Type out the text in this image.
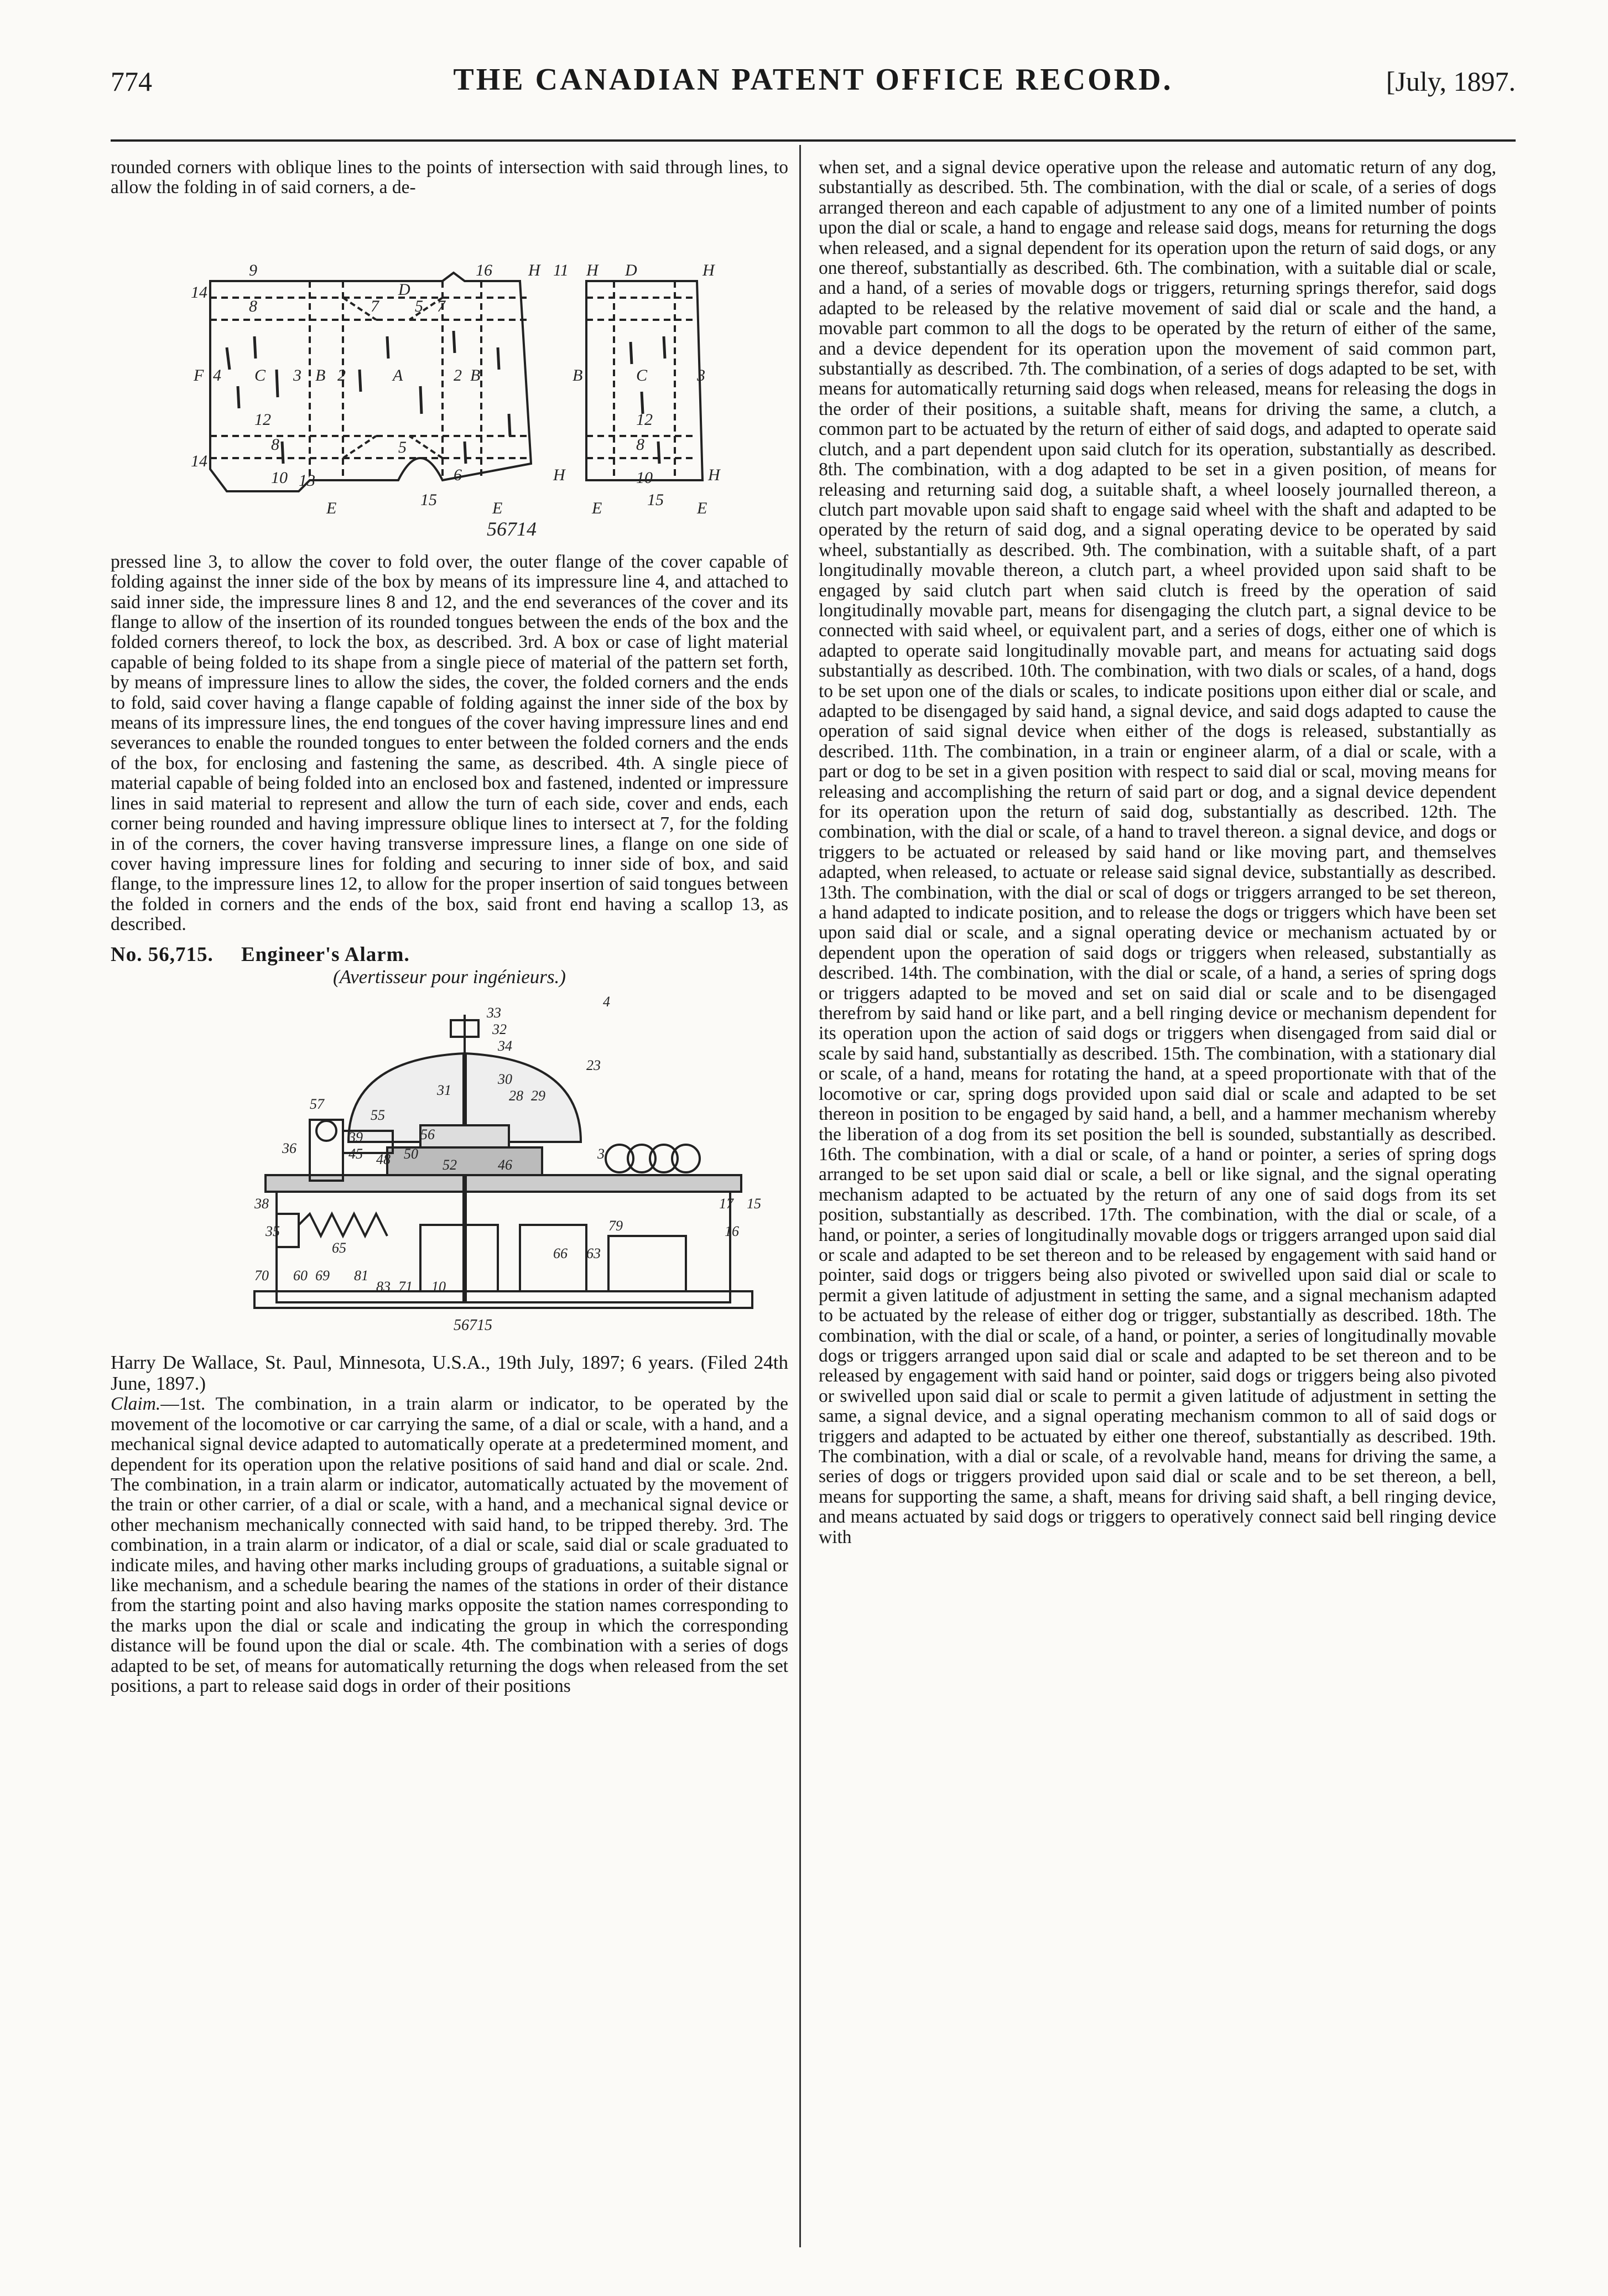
774	THE CANADIAN PATENT OFFICE RECORD.	[July, 1897.

rounded corners with oblique lines to the points of intersection with said through lines, to allow the folding in of said corners, a de-

9
8
14
F 4 C 3 B 2	A	2 B
D
7 5 7
16 H
12
8
10
14
13
5
6
E	15	E
H
11 H D	H
B	C	3
12
8
10
E	15 E
H
56714

pressed line 3, to allow the cover to fold over, the outer flange of the cover capable of folding against the inner side of the box by means of its impressure line 4, and attached to said inner side, the impressure lines 8 and 12, and the end severances of the cover and its flange to allow of the insertion of its rounded tongues between the ends of the box and the folded corners thereof, to lock the box, as described. 3rd. A box or case of light material capable of being folded to its shape from a single piece of material of the pattern set forth, by means of impressure lines to allow the sides, the cover, the folded corners and the ends to fold, said cover having a flange capable of folding against the inner side of the box by means of its impressure lines, the end tongues of the cover having impressure lines and end severances to enable the rounded tongues to enter between the folded corners and the ends of the box, for enclosing and fastening the same, as described. 4th. A single piece of material capable of being folded into an enclosed box and fastened, indented or impressure lines in said material to represent and allow the turn of each side, cover and ends, each corner being rounded and having impressure oblique lines to intersect at 7, for the folding in of the corners, the cover having transverse impressure lines, a flange on one side of cover having impressure lines for folding and securing to inner side of box, and said flange, to the impressure lines 12, to allow for the proper insertion of said tongues between the folded in corners and the ends of the box, said front end having a scallop 13, as described.

No. 56,715. Engineer's Alarm.
(Avertisseur pour ingénieurs.)
33
32
34
23
30
28 29
31
57
55
56
39
36	45 48 50
52	46
3
38
35
65
17 15
16
70 60 69 81
83 71
66 63
79
10
4
56715

Harry De Wallace, St. Paul, Minnesota, U.S.A., 19th July, 1897; 6 years. (Filed 24th June, 1897.)

Claim.—1st. The combination, in a train alarm or indicator, to be operated by the movement of the locomotive or car carrying the same, of a dial or scale, with a hand, and a mechanical signal device adapted to automatically operate at a predetermined moment, and dependent for its operation upon the relative positions of said hand and dial or scale. 2nd. The combination, in a train alarm or indicator, automatically actuated by the movement of the train or other carrier, of a dial or scale, with a hand, and a mechanical signal device or other mechanism mechanically connected with said hand, to be tripped thereby. 3rd. The combination, in a train alarm or indicator, of a dial or scale, said dial or scale graduated to indicate miles, and having other marks including groups of graduations, a suitable signal or like mechanism, and a schedule bearing the names of the stations in order of their distance from the starting point and also having marks opposite the station names corresponding to the marks upon the dial or scale and indicating the group in which the corresponding distance will be found upon the dial or scale. 4th. The combination with a series of dogs adapted to be set, of means for automatically returning the dogs when released from the set positions, a part to release said dogs in order of their positions

when set, and a signal device operative upon the release and automatic return of any dog, substantially as described. 5th. The combination, with the dial or scale, of a series of dogs arranged thereon and each capable of adjustment to any one of a limited number of points upon the dial or scale, a hand to engage and release said dogs, means for returning the dogs when released, and a signal dependent for its operation upon the return of said dogs, or any one thereof, substantially as described. 6th. The combination, with a suitable dial or scale, and a hand, of a series of movable dogs or triggers, returning springs therefor, said dogs adapted to be released by the relative movement of said dial or scale and the hand, a movable part common to all the dogs to be operated by the return of either of the same, and a device dependent for its operation upon the movement of said common part, substantially as described. 7th. The combination, of a series of dogs adapted to be set, with means for automatically returning said dogs when released, means for releasing the dogs in the order of their positions, a suitable shaft, means for driving the same, a clutch, a common part to be actuated by the return of either of said dogs, and adapted to operate said clutch, and a part dependent upon said clutch for its operation, substantially as described. 8th. The combination, with a dog adapted to be set in a given position, of means for releasing and returning said dog, a suitable shaft, a wheel loosely journalled thereon, a clutch part movable upon said shaft to engage said wheel with the shaft and adapted to be operated by the return of said dog, and a signal operating device to be operated by said wheel, substantially as described. 9th. The combination, with a suitable shaft, of a part longitudinally movable thereon, a clutch part, a wheel provided upon said shaft to be engaged by said clutch part when said clutch is freed by the operation of said longitudinally movable part, means for disengaging the clutch part, a signal device to be connected with said wheel, or equivalent part, and a series of dogs, either one of which is adapted to operate said longitudinally movable part, and means for actuating said dogs substantially as described. 10th. The combination, with two dials or scales, of a hand, dogs to be set upon one of the dials or scales, to indicate positions upon either dial or scale, and adapted to be disengaged by said hand, a signal device, and said dogs adapted to cause the operation of said signal device when either of the dogs is released, substantially as described. 11th. The combination, in a train or engineer alarm, of a dial or scale, with a part or dog to be set in a given position with respect to said dial or scal, moving means for releasing and accomplishing the return of said part or dog, and a signal device dependent for its operation upon the return of said dog, substantially as described. 12th. The combination, with the dial or scale, of a hand to travel thereon. a signal device, and dogs or triggers to be actuated or released by said hand or like moving part, and themselves adapted, when released, to actuate or release said signal device, substantially as described. 13th. The combination, with the dial or scal of dogs or triggers arranged to be set thereon, a hand adapted to indicate position, and to release the dogs or triggers which have been set upon said dial or scale, and a signal operating device or mechanism actuated by or dependent upon the operation of said dogs or triggers when released, substantially as described. 14th. The combination, with the dial or scale, of a hand, a series of spring dogs or triggers adapted to be moved and set on said dial or scale and to be disengaged therefrom by said hand or like part, and a bell ringing device or mechanism dependent for its operation upon the action of said dogs or triggers when disengaged from said dial or scale by said hand, substantially as described. 15th. The combination, with a stationary dial or scale, of a hand, means for rotating the hand, at a speed proportionate with that of the locomotive or car, spring dogs provided upon said dial or scale and adapted to be set thereon in position to be engaged by said hand, a bell, and a hammer mechanism whereby the liberation of a dog from its set position the bell is sounded, substantially as described. 16th. The combination, with a dial or scale, of a hand or pointer, a series of spring dogs arranged to be set upon said dial or scale, a bell or like signal, and the signal operating mechanism adapted to be actuated by the return of any one of said dogs from its set position, substantially as described. 17th. The combination, with the dial or scale, of a hand, or pointer, a series of longitudinally movable dogs or triggers arranged upon said dial or scale and adapted to be set thereon and to be released by engagement with said hand or pointer, said dogs or triggers being also pivoted or swivelled upon said dial or scale to permit a given latitude of adjustment in setting the same, and a signal mechanism adapted to be actuated by the release of either dog or trigger, substantially as described. 18th. The combination, with the dial or scale, of a hand, or pointer, a series of longitudinally movable dogs or triggers arranged upon said dial or scale and adapted to be set thereon and to be released by engagement with said hand or pointer, said dogs or triggers being also pivoted or swivelled upon said dial or scale to permit a given latitude of adjustment in setting the same, a signal device, and a signal operating mechanism common to all of said dogs or triggers and adapted to be actuated by either one thereof, substantially as described. 19th. The combination, with a dial or scale, of a revolvable hand, means for driving the same, a series of dogs or triggers provided upon said dial or scale and to be set thereon, a bell, means for supporting the same, a shaft, means for driving said shaft, a bell ringing device, and means actuated by said dogs or triggers to operatively connect said bell ringing device with
